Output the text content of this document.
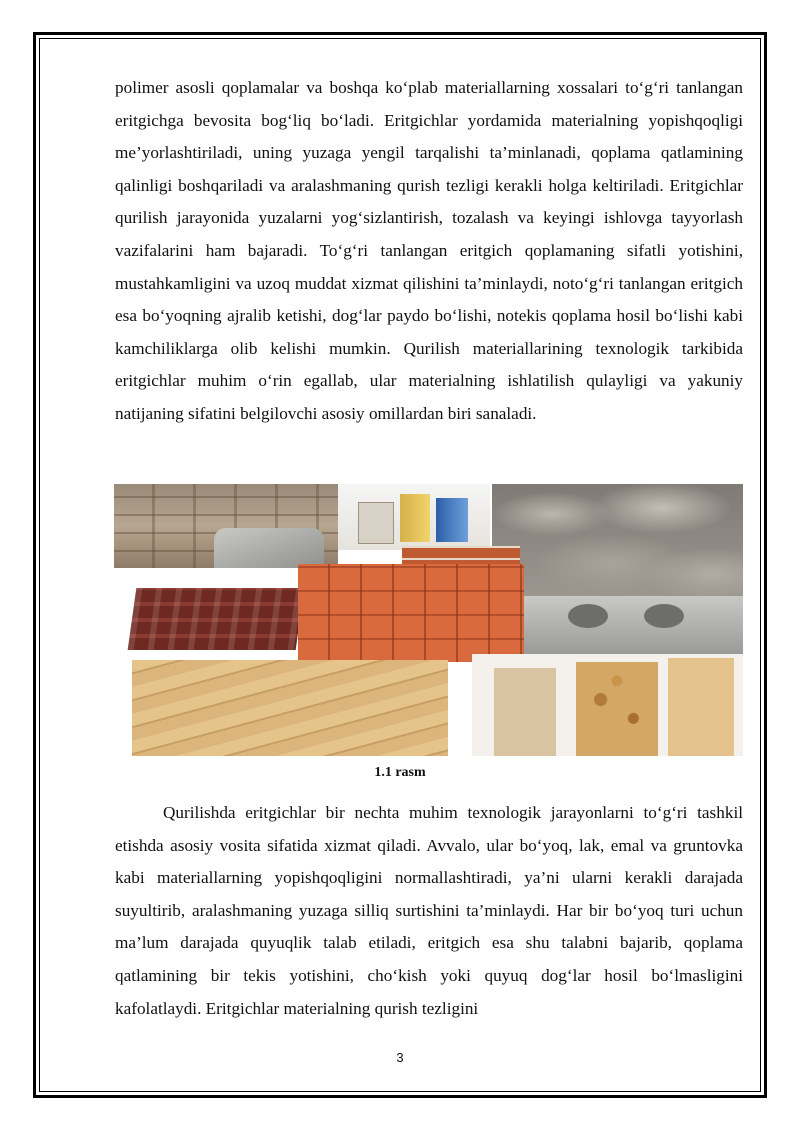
polimer asosli qoplamalar va boshqa ko‘plab materiallarning xossalari to‘g‘ri tanlangan eritgichga bevosita bog‘liq bo‘ladi. Eritgichlar yordamida materialning yopishqoqligi me’yorlashtiriladi, uning yuzaga yengil tarqalishi ta’minlanadi, qoplama qatlamining qalinligi boshqariladi va aralashmaning qurish tezligi kerakli holga keltiriladi. Eritgichlar qurilish jarayonida yuzalarni yog‘sizlantirish, tozalash va keyingi ishlovga tayyorlash vazifalarini ham bajaradi. To‘g‘ri tanlangan eritgich qoplamaning sifatli yotishini, mustahkamligini va uzoq muddat xizmat qilishini ta’minlaydi, noto‘g‘ri tanlangan eritgich esa bo‘yoqning ajralib ketishi, dog‘lar paydo bo‘lishi, notekis qoplama hosil bo‘lishi kabi kamchiliklarga olib kelishi mumkin. Qurilish materiallarining texnologik tarkibida eritgichlar muhim o‘rin egallab, ular materialning ishlatilish qulayligi va yakuniy natijaning sifatini belgilovchi asosiy omillardan biri sanaladi.

1.1 rasm

Qurilishda eritgichlar bir nechta muhim texnologik jarayonlarni to‘g‘ri tashkil etishda asosiy vosita sifatida xizmat qiladi. Avvalo, ular bo‘yoq, lak, emal va gruntovka kabi materiallarning yopishqoqligini normallashtiradi, ya’ni ularni kerakli darajada suyultirib, aralashmaning yuzaga silliq surtishini ta’minlaydi. Har bir bo‘yoq turi uchun ma’lum darajada quyuqlik talab etiladi, eritgich esa shu talabni bajarib, qoplama qatlamining bir tekis yotishini, cho‘kish yoki quyuq dog‘lar hosil bo‘lmasligini kafolatlaydi. Eritgichlar materialning qurish tezligini

3
